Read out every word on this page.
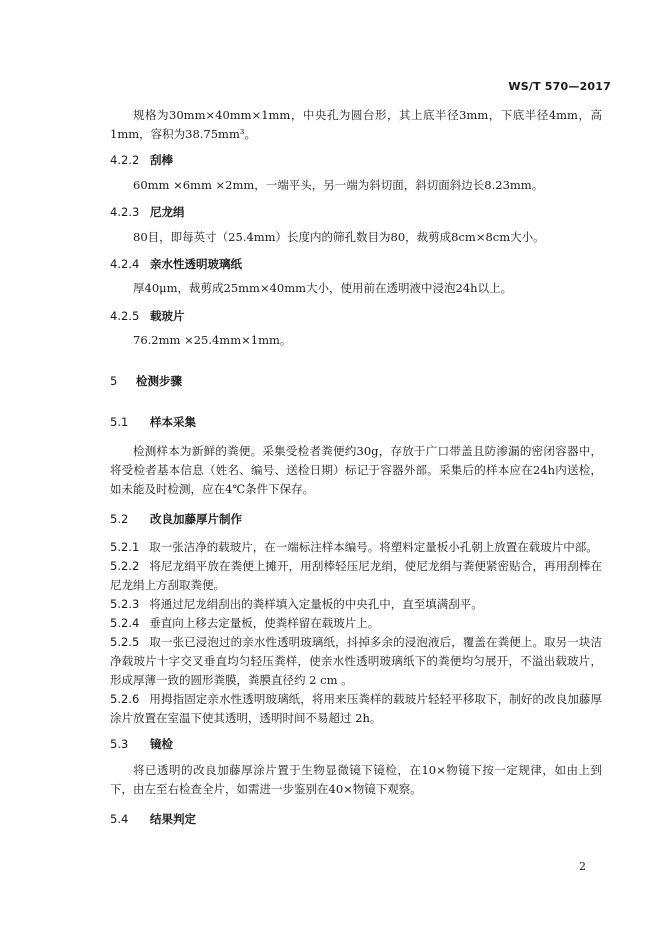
WS/T 570—2017
规格为30mm×40mm×1mm，中央孔为圆台形，其上底半径3mm，下底半径4mm，高1mm，容积为38.75mm³。
4.2.2 刮棒
60mm ×6mm ×2mm，一端平头，另一端为斜切面，斜切面斜边长8.23mm。
4.2.3 尼龙绢
80目，即每英寸（25.4mm）长度内的筛孔数目为80，裁剪成8cm×8cm大小。
4.2.4 亲水性透明玻璃纸
厚40μm，裁剪成25mm×40mm大小，使用前在透明液中浸泡24h以上。
4.2.5 载玻片
76.2mm ×25.4mm×1mm。
5 检测步骤
5.1 样本采集
检测样本为新鲜的粪便。采集受检者粪便约30g，存放于广口带盖且防渗漏的密闭容器中，将受检者基本信息（姓名、编号、送检日期）标记于容器外部。采集后的样本应在24h内送检，如未能及时检测，应在4℃条件下保存。
5.2 改良加藤厚片制作
5.2.1 取一张洁净的载玻片，在一端标注样本编号。将塑料定量板小孔朝上放置在载玻片中部。
5.2.2 将尼龙绢平放在粪便上摊开，用刮棒轻压尼龙绢，使尼龙绢与粪便紧密贴合，再用刮棒在尼龙绢上方刮取粪便。
5.2.3 将通过尼龙绢刮出的粪样填入定量板的中央孔中，直至填满刮平。
5.2.4 垂直向上移去定量板，使粪样留在载玻片上。
5.2.5 取一张已浸泡过的亲水性透明玻璃纸，抖掉多余的浸泡液后，覆盖在粪便上。取另一块洁净载玻片十字交叉垂直均匀轻压粪样，使亲水性透明玻璃纸下的粪便均匀展开，不溢出载玻片，形成厚薄一致的圆形粪膜，粪膜直径约 2 cm 。
5.2.6 用拇指固定亲水性透明玻璃纸，将用来压粪样的载玻片轻轻平移取下，制好的改良加藤厚涂片放置在室温下使其透明，透明时间不易超过 2h。
5.3 镜检
将已透明的改良加藤厚涂片置于生物显微镜下镜检，在10×物镜下按一定规律，如由上到下，由左至右检查全片，如需进一步鉴别在40×物镜下观察。
5.4 结果判定
2
